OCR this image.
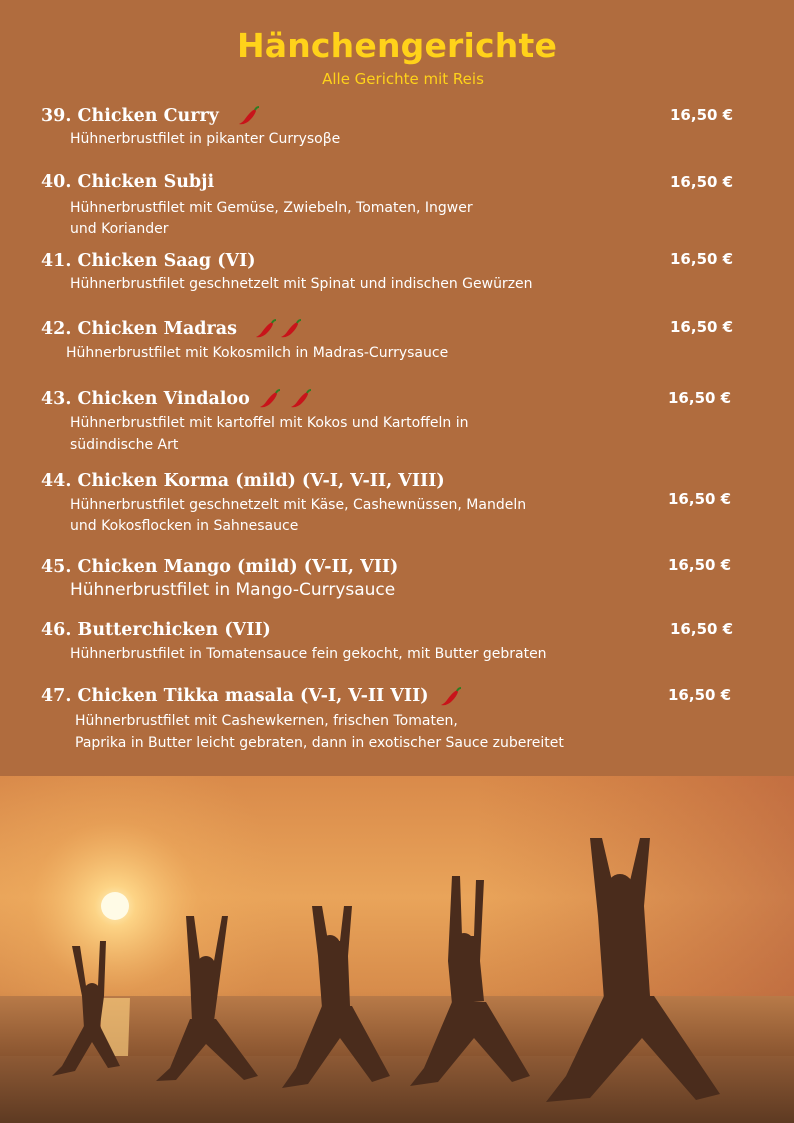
Hänchengerichte
Alle Gerichte mit Reis
39. Chicken Curry
Hühnerbrustfilet in pikanter Currysoβe
16,50 €
40. Chicken Subji
Hühnerbrustfilet mit Gemüse, Zwiebeln, Tomaten, Ingwer
und Koriander
16,50 €
41. Chicken Saag (VI)
Hühnerbrustfilet geschnetzelt mit Spinat und indischen Gewürzen
16,50 €
42. Chicken Madras
Hühnerbrustfilet mit Kokosmilch in Madras-Currysauce
16,50 €
43. Chicken Vindaloo
Hühnerbrustfilet mit kartoffel mit Kokos und Kartoffeln in
südindische Art
16,50 €
44. Chicken Korma (mild) (V-I, V-II, VIII)
Hühnerbrustfilet geschnetzelt mit Käse, Cashewnüssen, Mandeln
und Kokosflocken in Sahnesauce
16,50 €
45. Chicken Mango (mild) (V-II, VII)
Hühnerbrustfilet in Mango-Currysauce
16,50 €
46. Butterchicken (VII)
Hühnerbrustfilet in Tomatensauce fein gekocht, mit Butter gebraten
16,50 €
47. Chicken Tikka masala (V-I, V-II VII)
Hühnerbrustfilet mit Cashewkernen, frischen Tomaten,
Paprika in Butter leicht gebraten, dann in exotischer Sauce zubereitet
16,50 €
